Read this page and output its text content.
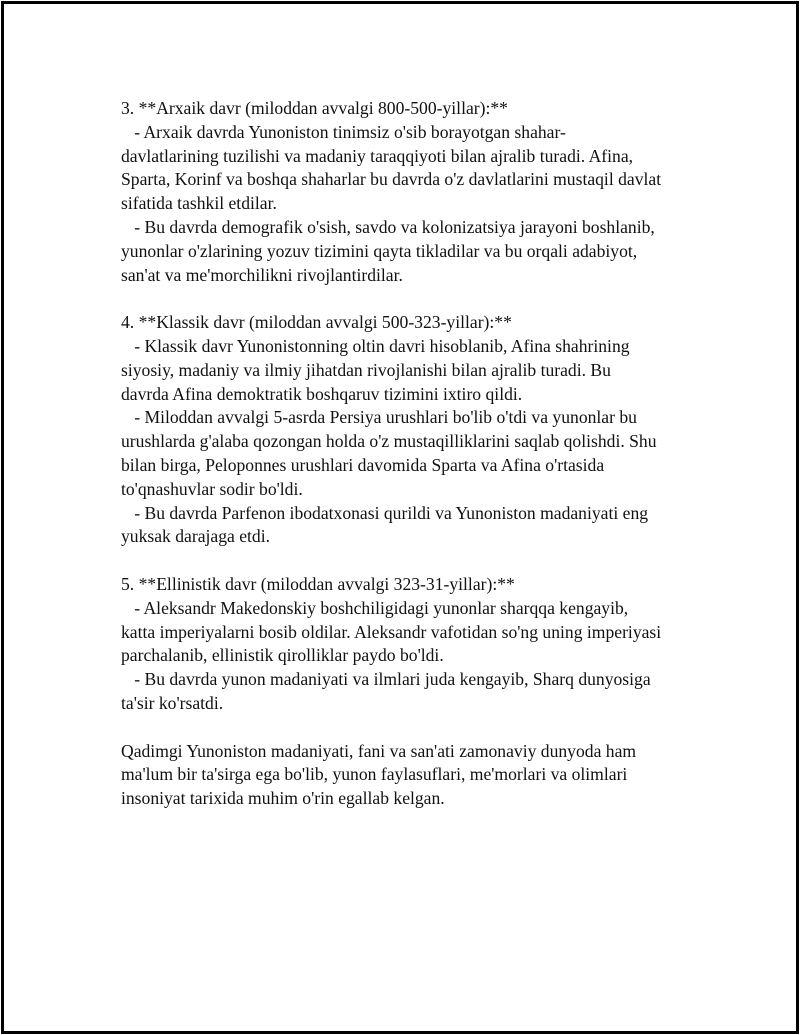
3. **Arxaik davr (miloddan avvalgi 800-500-yillar):**
- Arxaik davrda Yunoniston tinimsiz o'sib borayotgan shahar-
davlatlarining tuzilishi va madaniy taraqqiyoti bilan ajralib turadi. Afina,
Sparta, Korinf va boshqa shaharlar bu davrda o'z davlatlarini mustaqil davlat
sifatida tashkil etdilar.
- Bu davrda demografik o'sish, savdo va kolonizatsiya jarayoni boshlanib,
yunonlar o'zlarining yozuv tizimini qayta tikladilar va bu orqali adabiyot,
san'at va me'morchilikni rivojlantirdilar.
4. **Klassik davr (miloddan avvalgi 500-323-yillar):**
- Klassik davr Yunonistonning oltin davri hisoblanib, Afina shahrining
siyosiy, madaniy va ilmiy jihatdan rivojlanishi bilan ajralib turadi. Bu
davrda Afina demoktratik boshqaruv tizimini ixtiro qildi.
- Miloddan avvalgi 5-asrda Persiya urushlari bo'lib o'tdi va yunonlar bu
urushlarda g'alaba qozongan holda o'z mustaqilliklarini saqlab qolishdi. Shu
bilan birga, Peloponnes urushlari davomida Sparta va Afina o'rtasida
to'qnashuvlar sodir bo'ldi.
- Bu davrda Parfenon ibodatxonasi qurildi va Yunoniston madaniyati eng
yuksak darajaga etdi.
5. **Ellinistik davr (miloddan avvalgi 323-31-yillar):**
- Aleksandr Makedonskiy boshchiligidagi yunonlar sharqqa kengayib,
katta imperiyalarni bosib oldilar. Aleksandr vafotidan so'ng uning imperiyasi
parchalanib, ellinistik qirolliklar paydo bo'ldi.
- Bu davrda yunon madaniyati va ilmlari juda kengayib, Sharq dunyosiga
ta'sir ko'rsatdi.
Qadimgi Yunoniston madaniyati, fani va san'ati zamonaviy dunyoda ham
ma'lum bir ta'sirga ega bo'lib, yunon faylasuflari, me'morlari va olimlari
insoniyat tarixida muhim o'rin egallab kelgan.
